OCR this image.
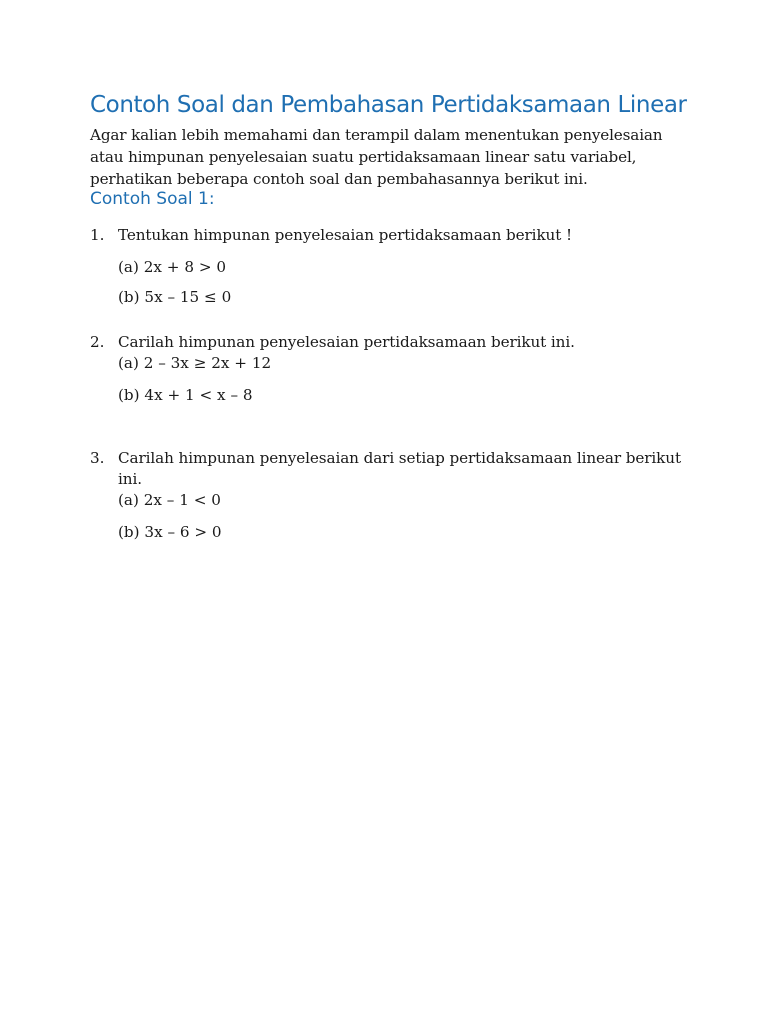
Contoh Soal dan Pembahasan Pertidaksamaan Linear

Agar kalian lebih memahami dan terampil dalam menentukan penyelesaian
atau himpunan penyelesaian suatu pertidaksamaan linear satu variabel,
perhatikan beberapa contoh soal dan pembahasannya berikut ini.

Contoh Soal 1:
1. Tentukan himpunan penyelesaian pertidaksamaan berikut !
(a) 2x + 8 > 0
(b) 5x – 15 ≤ 0
2. Carilah himpunan penyelesaian pertidaksamaan berikut ini.
(a) 2 – 3x ≥ 2x + 12
(b) 4x + 1 < x – 8
3. Carilah himpunan penyelesaian dari setiap pertidaksamaan linear berikut
ini.
(a) 2x – 1 < 0
(b) 3x – 6 > 0
